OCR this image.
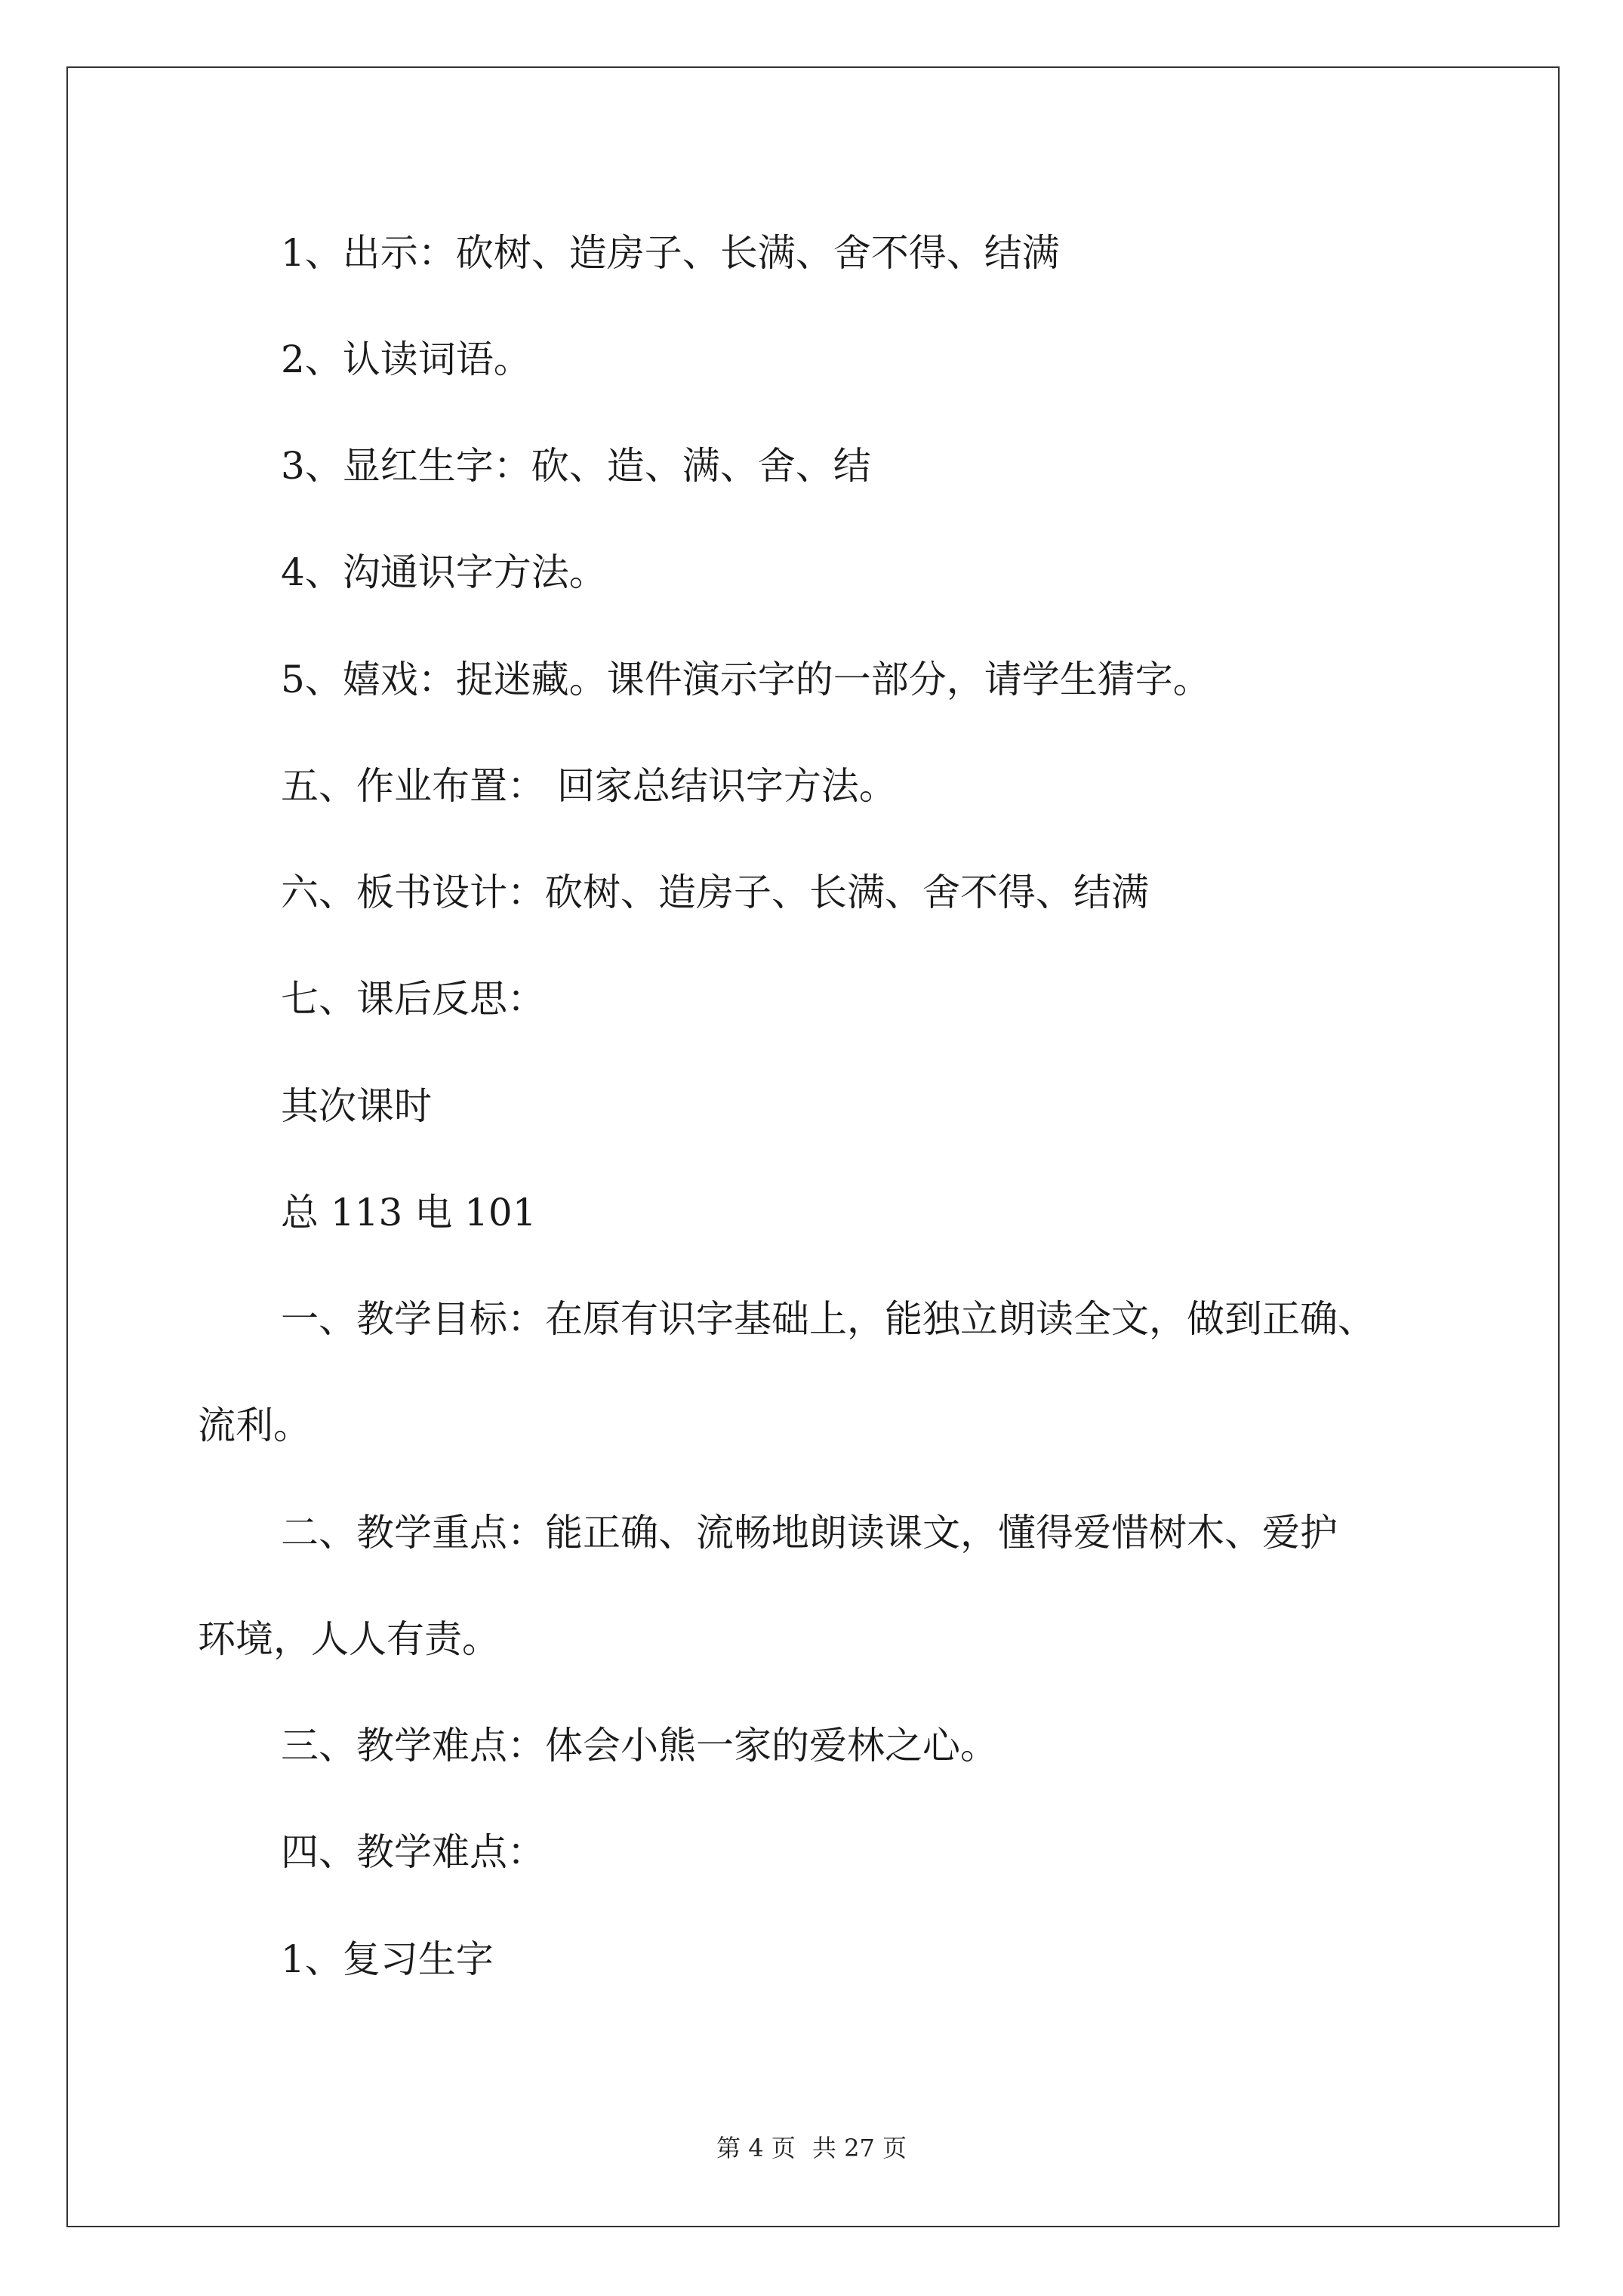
1、出示：砍树、造房子、长满、舍不得、结满

2、认读词语。

3、显红生字：砍、造、满、舍、结

4、沟通识字方法。

5、嬉戏：捉迷藏。课件演示字的一部分，请学生猜字。

五、作业布置： 回家总结识字方法。

六、板书设计：砍树、造房子、长满、舍不得、结满

七、课后反思：

其次课时

总 113 电 101

一、教学目标：在原有识字基础上，能独立朗读全文，做到正确、

流利。

二、教学重点：能正确、流畅地朗读课文，懂得爱惜树木、爱护

环境，人人有责。

三、教学难点：体会小熊一家的爱林之心。

四、教学难点：

1、复习生字

第 4 页 共 27 页
